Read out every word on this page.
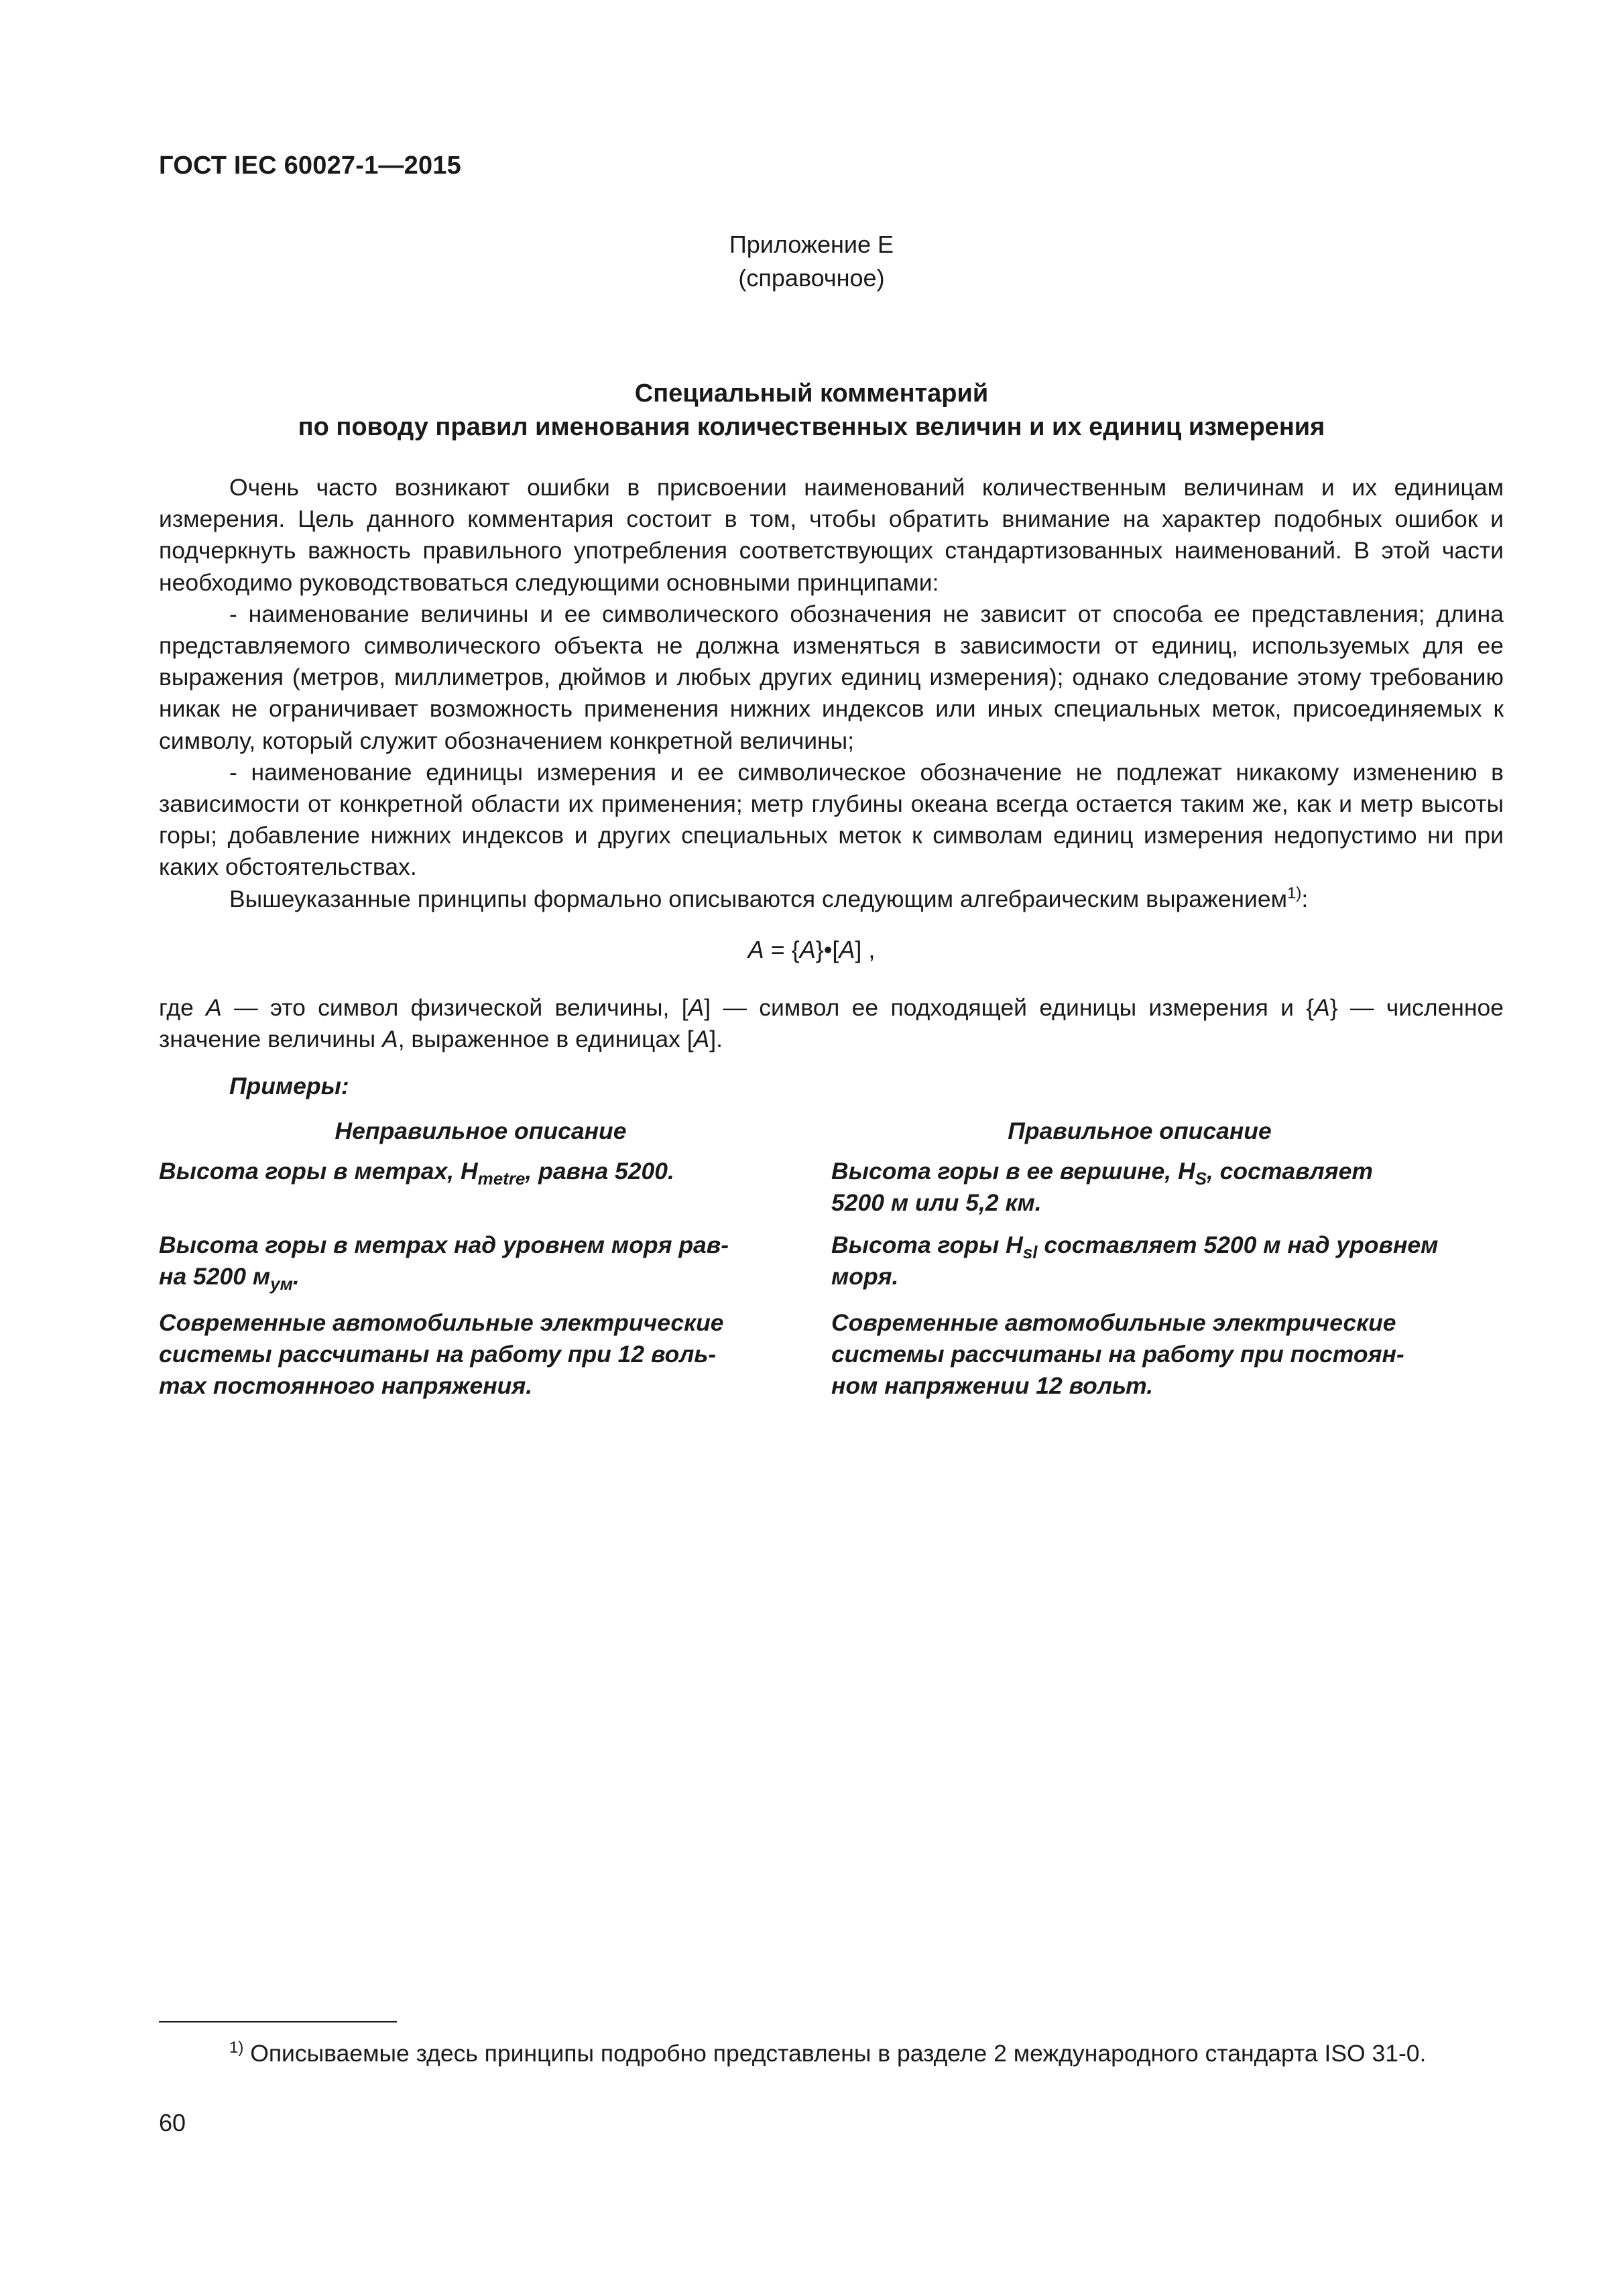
ГОСТ IEC 60027-1—2015
Приложение Е
(справочное)
Специальный комментарий
по поводу правил именования количественных величин и их единиц измерения

Очень часто возникают ошибки в присвоении наименований количественным величинам и их единицам измерения. Цель данного комментария состоит в том, чтобы обратить внимание на характер подобных ошибок и подчеркнуть важность правильного употребления соответствующих стандартизованных наименований. В этой части необходимо руководствоваться следующими основными принципами:

- наименование величины и ее символического обозначения не зависит от способа ее представления; длина представляемого символического объекта не должна изменяться в зависимости от единиц, используемых для ее выражения (метров, миллиметров, дюймов и любых других единиц измерения); однако следование этому требованию никак не ограничивает возможность применения нижних индексов или иных специальных меток, присоединяемых к символу, который служит обозначением конкретной величины;

- наименование единицы измерения и ее символическое обозначение не подлежат никакому изменению в зависимости от конкретной области их применения; метр глубины океана всегда остается таким же, как и метр высоты горы; добавление нижних индексов и других специальных меток к символам единиц измерения недопустимо ни при каких обстоятельствах.

Вышеуказанные принципы формально описываются следующим алгебраическим выражением$^{1)}$:

A = {A}•[A] ,

где A — это символ физической величины, [A] — символ ее подходящей единицы измерения и {A} — численное значение величины A, выраженное в единицах [A].

Примеры:
Неправильное описание	Правильное описание
Высота горы в метрах, $H_{metre}$, равна 5200.
Высота горы в метрах над уровнем моря рав-
на 5200 $м_{ум}$.
Современные автомобильные электрические
системы рассчитаны на работу при 12 воль-
тах постоянного напряжения.
Высота горы в ее вершине, $H_S$, составляет
5200 м или 5,2 км.
Высота горы $H_{sl}$ составляет 5200 м над уровнем
моря.
Современные автомобильные электрические
системы рассчитаны на работу при постоян-
ном напряжении 12 вольт.

$^{1)}$ Описываемые здесь принципы подробно представлены в разделе 2 международного стандарта ISO 31-0.

60
